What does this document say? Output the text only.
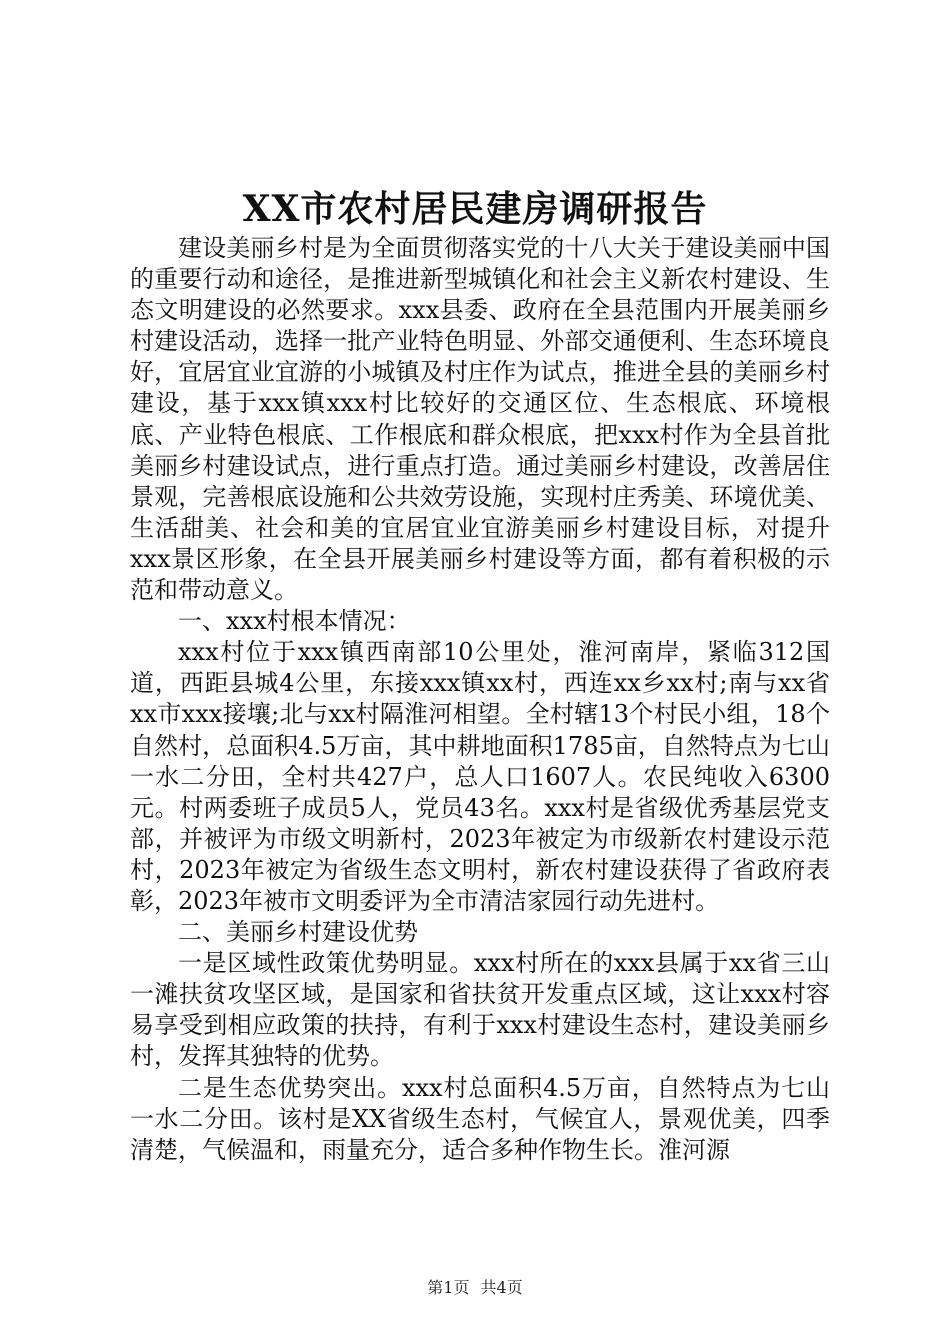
XX市农村居民建房调研报告

建设美丽乡村是为全面贯彻落实党的十八大关于建设美丽中国的重要行动和途径，是推进新型城镇化和社会主义新农村建设、生态文明建设的必然要求。xxx县委、政府在全县范围内开展美丽乡村建设活动，选择一批产业特色明显、外部交通便利、生态环境良好，宜居宜业宜游的小城镇及村庄作为试点，推进全县的美丽乡村建设，基于xxx镇xxx村比较好的交通区位、生态根底、环境根底、产业特色根底、工作根底和群众根底，把xxx村作为全县首批美丽乡村建设试点，进行重点打造。通过美丽乡村建设，改善居住景观，完善根底设施和公共效劳设施，实现村庄秀美、环境优美、生活甜美、社会和美的宜居宜业宜游美丽乡村建设目标，对提升xxx景区形象，在全县开展美丽乡村建设等方面，都有着积极的示范和带动意义。

一、xxx村根本情况：

xxx村位于xxx镇西南部10公里处，淮河南岸，紧临312国道，西距县城4公里，东接xxx镇xx村，西连xx乡xx村;南与xx省xx市xxx接壤;北与xx村隔淮河相望。全村辖13个村民小组，18个自然村，总面积4.5万亩，其中耕地面积1785亩，自然特点为七山一水二分田，全村共427户，总人口1607人。农民纯收入6300元。村两委班子成员5人，党员43名。xxx村是省级优秀基层党支部，并被评为市级文明新村，2023年被定为市级新农村建设示范村，2023年被定为省级生态文明村，新农村建设获得了省政府表彰，2023年被市文明委评为全市清洁家园行动先进村。

二、美丽乡村建设优势

一是区域性政策优势明显。xxx村所在的xxx县属于xx省三山一滩扶贫攻坚区域，是国家和省扶贫开发重点区域，这让xxx村容易享受到相应政策的扶持，有利于xxx村建设生态村，建设美丽乡村，发挥其独特的优势。

二是生态优势突出。xxx村总面积4.5万亩，自然特点为七山一水二分田。该村是XX省级生态村，气候宜人，景观优美，四季清楚，气候温和，雨量充分，适合多种作物生长。淮河源

第1页 共4页
